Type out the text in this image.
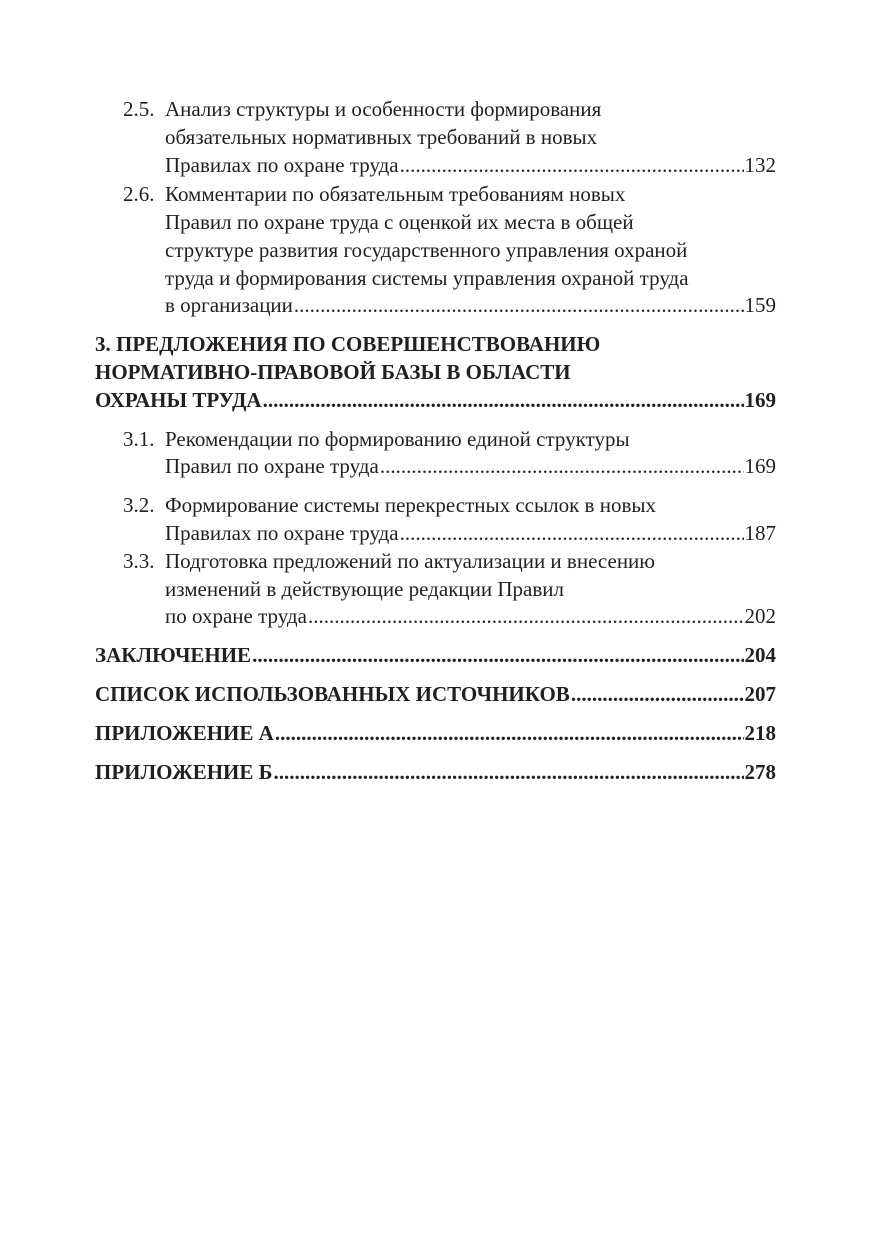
2.5. Анализ структуры и особенности формирования
обязательных нормативных требований в новых
Правилах по охране труда .....	132
2.6. Комментарии по обязательным требованиям новых
Правил по охране труда с оценкой их места в общей
структуре развития государственного управления охраной
труда и формирования системы управления охраной труда
в организации .....	159
3. ПРЕДЛОЖЕНИЯ ПО СОВЕРШЕНСТВОВАНИЮ
НОРМАТИВНО-ПРАВОВОЙ БАЗЫ В ОБЛАСТИ
ОХРАНЫ ТРУДА .....	169
3.1. Рекомендации по формированию единой структуры
Правил по охране труда .....	169
3.2. Формирование системы перекрестных ссылок в новых
Правилах по охране труда .....	187
3.3. Подготовка предложений по актуализации и внесению
изменений в действующие редакции Правил
по охране труда .....	202
ЗАКЛЮЧЕНИЕ .....	204
СПИСОК ИСПОЛЬЗОВАННЫХ ИСТОЧНИКОВ .....	207
ПРИЛОЖЕНИЕ А .....	218
ПРИЛОЖЕНИЕ Б .....	278
